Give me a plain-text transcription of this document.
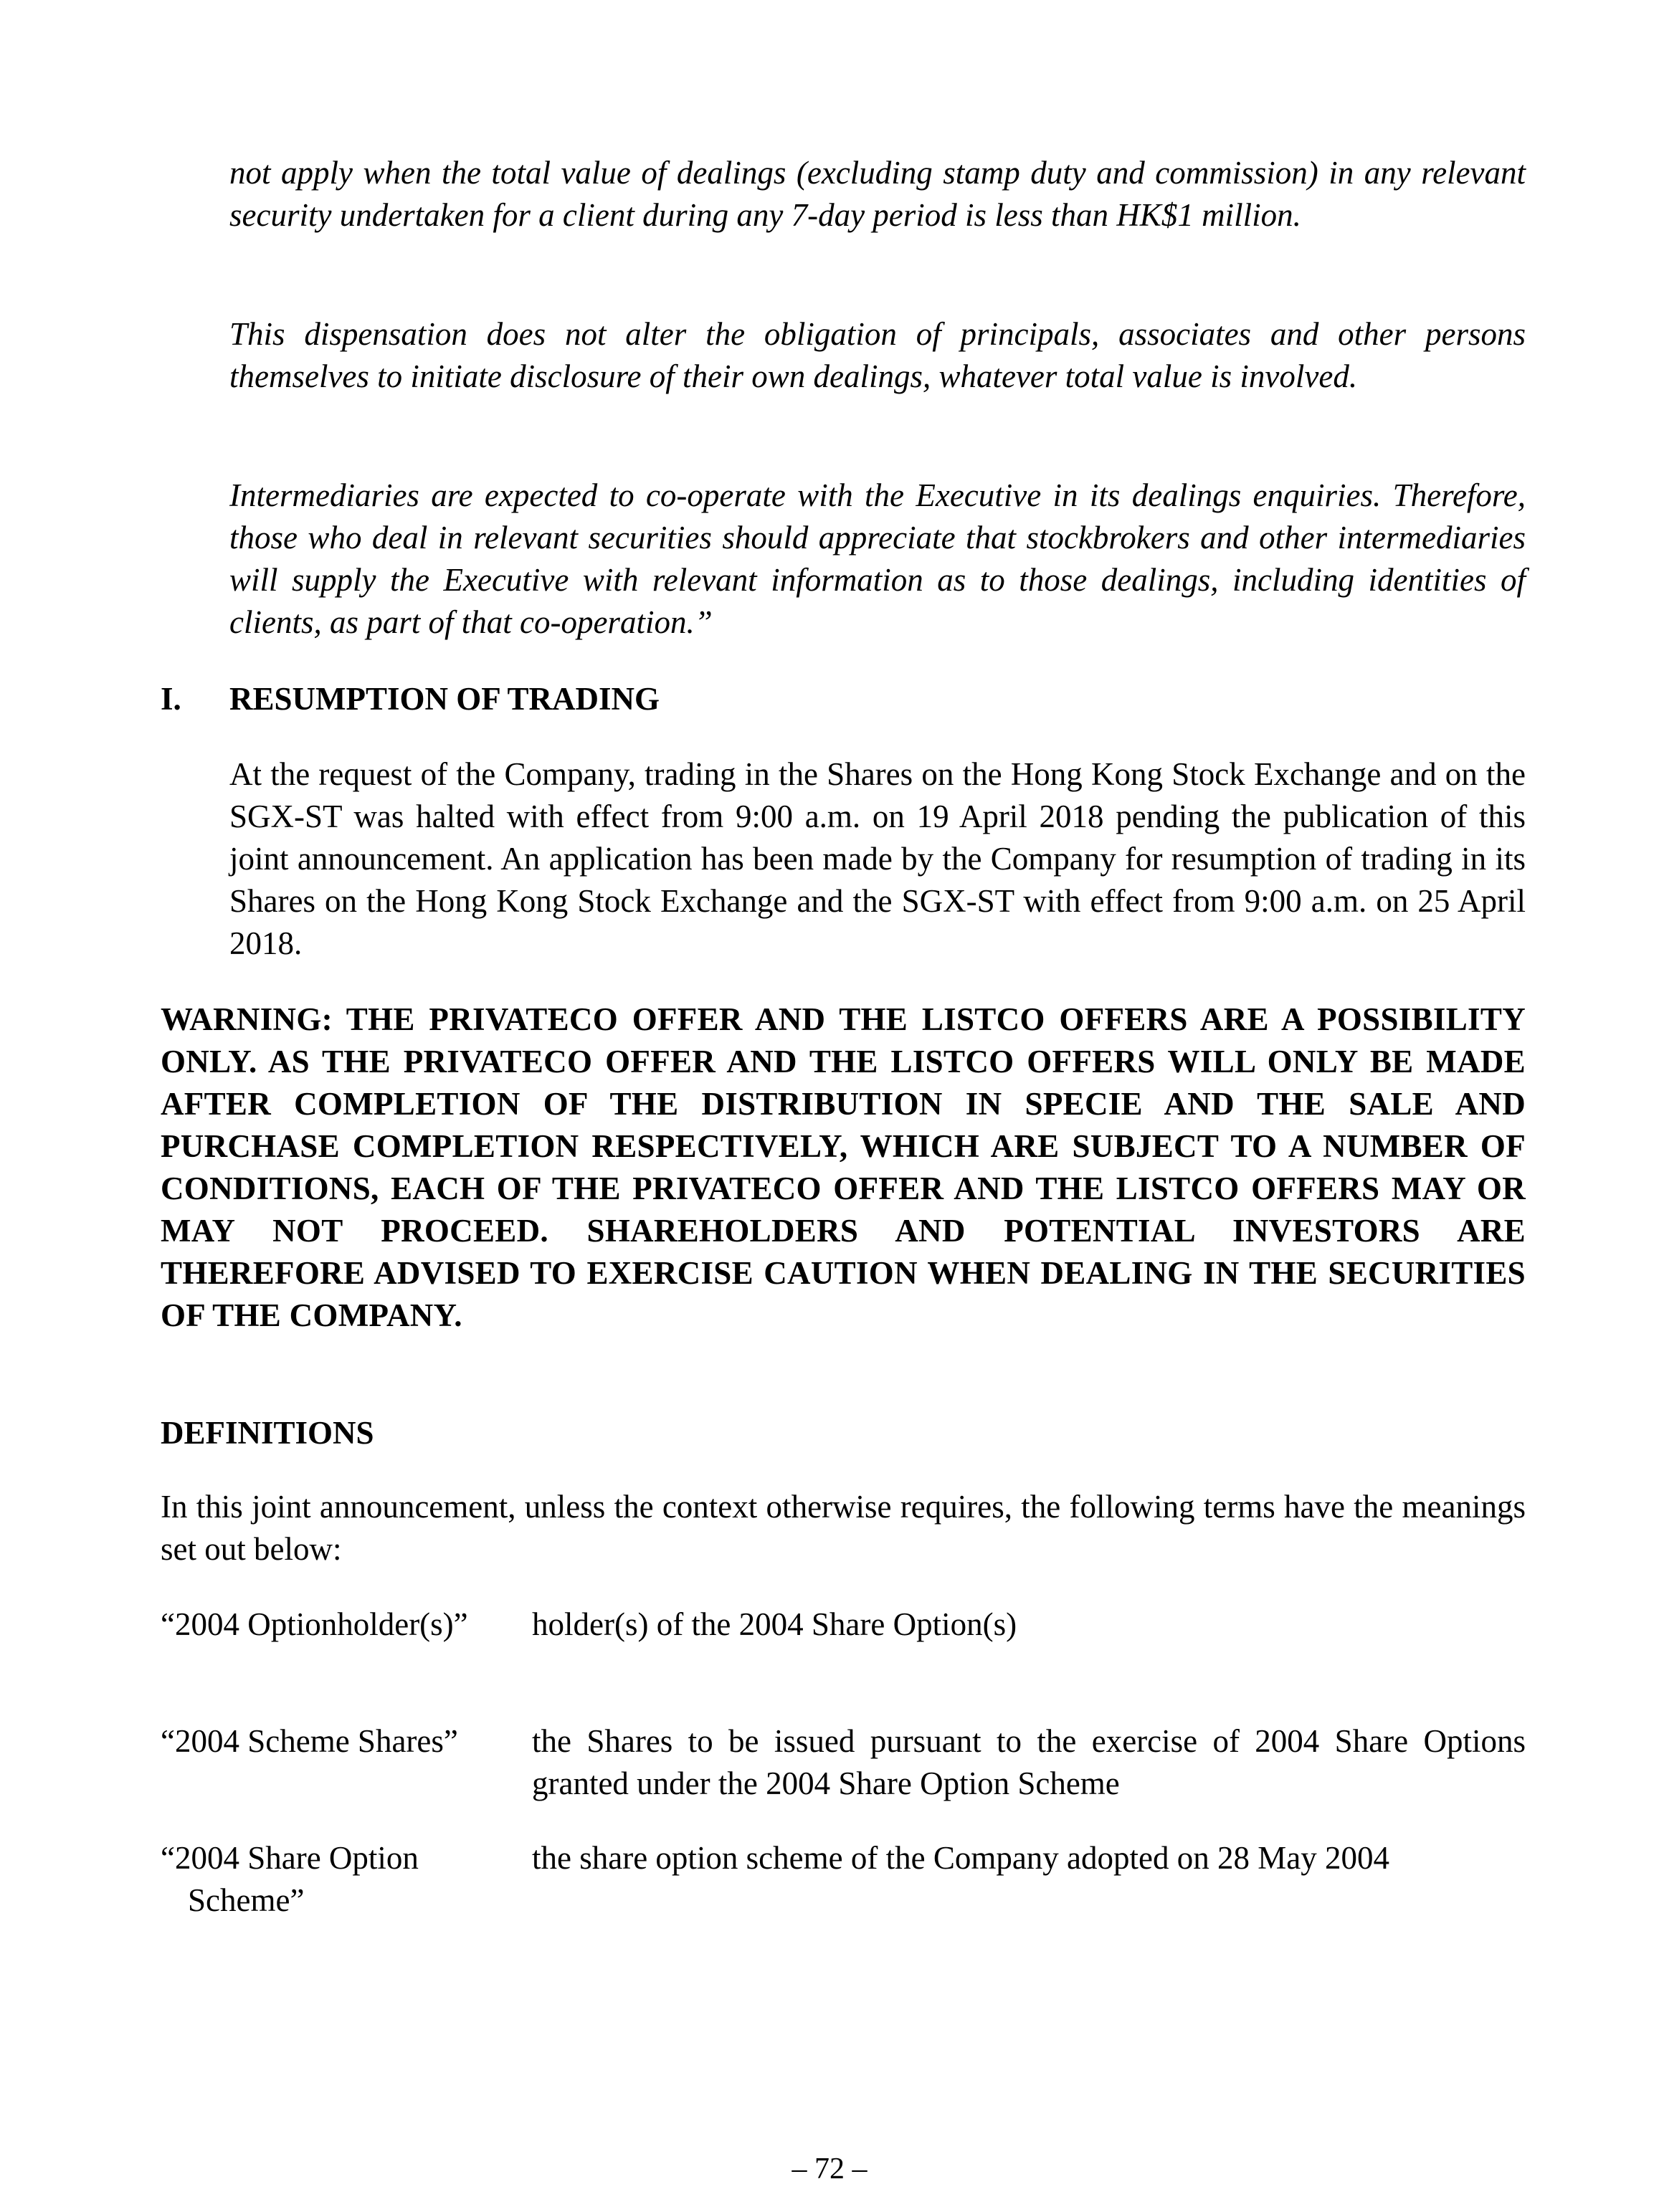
not apply when the total value of dealings (excluding stamp duty and commission) in any relevant security undertaken for a client during any 7-day period is less than HK$1 million.

This dispensation does not alter the obligation of principals, associates and other persons themselves to initiate disclosure of their own dealings, whatever total value is involved.

Intermediaries are expected to co-operate with the Executive in its dealings enquiries. Therefore, those who deal in relevant securities should appreciate that stockbrokers and other intermediaries will supply the Executive with relevant information as to those dealings, including identities of clients, as part of that co-operation.”

I. RESUMPTION OF TRADING

At the request of the Company, trading in the Shares on the Hong Kong Stock Exchange and on the SGX-ST was halted with effect from 9:00 a.m. on 19 April 2018 pending the publication of this joint announcement. An application has been made by the Company for resumption of trading in its Shares on the Hong Kong Stock Exchange and the SGX-ST with effect from 9:00 a.m. on 25 April 2018.

WARNING: THE PRIVATECO OFFER AND THE LISTCO OFFERS ARE A POSSIBILITY ONLY. AS THE PRIVATECO OFFER AND THE LISTCO OFFERS WILL ONLY BE MADE AFTER COMPLETION OF THE DISTRIBUTION IN SPECIE AND THE SALE AND PURCHASE COMPLETION RESPECTIVELY, WHICH ARE SUBJECT TO A NUMBER OF CONDITIONS, EACH OF THE PRIVATECO OFFER AND THE LISTCO OFFERS MAY OR MAY NOT PROCEED. SHAREHOLDERS AND POTENTIAL INVESTORS ARE THEREFORE ADVISED TO EXERCISE CAUTION WHEN DEALING IN THE SECURITIES OF THE COMPANY.

DEFINITIONS

In this joint announcement, unless the context otherwise requires, the following terms have the meanings set out below:

“2004 Optionholder(s)”	holder(s) of the 2004 Share Option(s)

“2004 Scheme Shares”	the Shares to be issued pursuant to the exercise of 2004 Share Options granted under the 2004 Share Option Scheme

“2004 Share Option Scheme”

the share option scheme of the Company adopted on 28 May 2004

– 72 –
